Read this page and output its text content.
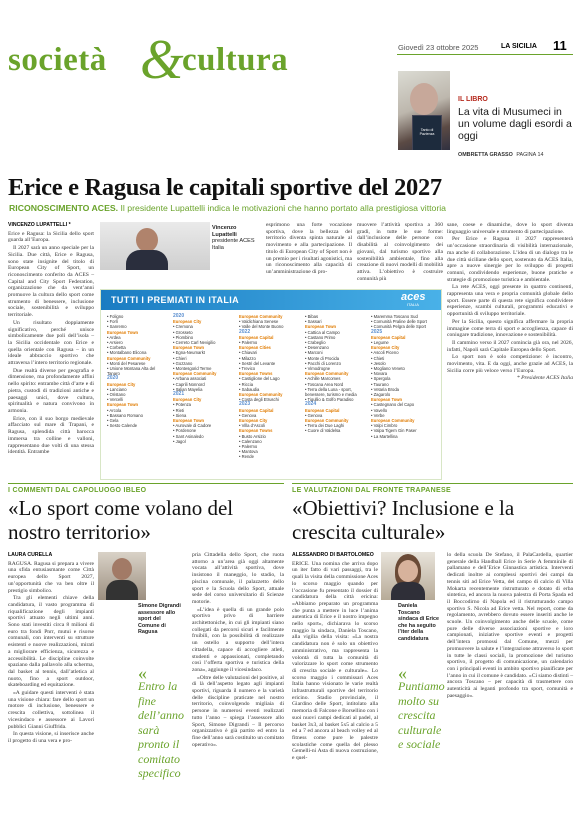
società &
cultura	Giovedì 23 ottobre 2025	LA SICILIA 11
Tanto di Pazienza
IL LIBRO
La vita di Musumeci in un volume dagli esordi a oggi
OMBRETTA GRASSO PAGINA 14
Erice e Ragusa le capitali sportive del 2027
RICONOSCIMENTO ACES. Il presidente Lupattelli indica le motivazioni che hanno portato alla prestigiosa vittoria
VINCENZO LUPATTELLI *

Erice e Ragusa: la Sicilia dello sport guarda all’Europa.

Il 2027 sarà un anno speciale per la Sicilia. Due città, Erice e Ragusa, sono state insignite del titolo di European City of Sport, un riconoscimento conferito da ACES – Capital and City Sport Federation, organizzazione che da vent’anni promuove la cultura dello sport come strumento di benessere, inclusione sociale, sostenibilità e sviluppo territoriale.

Un risultato doppiamente significativo, perché unisce simbolicamente due poli dell’isola – la Sicilia occidentale con Erice e quella orientale con Ragusa – in un ideale abbraccio sportivo che attraversa l’intero territorio regionale.

Due realtà diverse per geografia e dimensione, ma profondamente affini nello spirito: entrambe città d’arte e di pietra, custodi di tradizioni antiche e paesaggi unici, dove cultura, spiritualità e natura convivono in armonia.

Erice, con il suo borgo medievale affacciato sul mare di Trapani, e Ragusa, splendida città barocca immersa tra colline e valloni, rappresentano due volti di una stessa identità. Entrambe

Vincenzo Lupattelli
presidente ACES Italia

esprimono una forte vocazione sportiva, dove la bellezza del territorio diventa spinta naturale al movimento e alla partecipazione. Il titolo di European City of Sport non è un premio per i risultati agonistici, ma un riconoscimento alla capacità di un’amministrazione di pro-

muovere l’attività sportiva a 360 gradi, in tutte le sue forme: dall’inclusione delle persone con disabilità al coinvolgimento dei giovani, dal turismo sportivo alla sostenibilità ambientale, fino alla creazione di nuovi modelli di mobilità attiva. L’obiettivo è costruire comunità più

TUTTI I PREMIATI IN ITALIA	aces
ITALIA
• Foligno
• Forlì
• Sanremo
European Town
• Ardea
• Arsiero
• Corbetta
• Montalbano Elicona
European Community
• Monti del Pesarese
• Unione Montana Alta del Tanaro
2020
European City
• Lanciano
• Oristano
• Vercelli
European Town
• Arcola
• Bassano Romano
• Gela
• Sesto Calende
2020
European City
• Cremona
• Grosseto
• Piombino
• Cerreto Carl Nevigilio
European Town
• Egna-Neumarkt
• Chieri
• Gozzano
• Montesgorid Terme
European Community
• Arbana associati
• Caprili Nonnord
• Italian Mayelia
2021
European City
• Potenza
• Rieti
• Siena
European Town
• Aurovale di Cadore
• Pordenone
• Sant Asinaledo
• Jagol
European Community
• Valdichiana Senese
• Valle del Monte Buono
2022
European Capital
• Palermo
European Cities
• Chiavari
• Milazzo
• Sestri del Levante
• Trevico
European Towns
• Castiglione del Lago
• Riccia
• Sabaudia
European Community
• Costa degli Etruschi
2023
European Capital
• Genova
European City
• Villa d’Ascoli
European Towns
• Busto Arsizio
• Calenzano
• Palermo
• Mantova
• Rende
• Bibas
• Sassari
European Town
• Cattica al Campo
• Castano Primo
• Crabeglio
• Desenzano
• Marconi
• Monte di Procida
• Pacchi di Lorenzo
• Vimodrogne
European Community
• Achille Marcomes
• Toscana Area Nord
• Terra della Luna - sport, benessere, turismo e media
• Tigullio & Golfo Paradiso
2024
European Capital
• Genova
European Community
• Terra dei Due Laghi
• Cuore di Valdelsa
• Maremma Toscano Sud
• Comunità Praline delle Sport
• Comunità Pelgra delle Sport
2025
European Capital
• Legume
European City
• Ascoli Piceno
• Chieti
• Jesolo
• Mogliano Veneto
• Novara
• Spergola
• Taurano
• Vetaria Broda
• Zagarolo
European Town
• Castegnano del Capo
• Vavello
• Verbe
European Community
• Valpi Cimbro
• Valpa Tigern Gin Paser
• La Martellina

sane, coese e dinamiche, dove lo sport diventa linguaggio universale e strumento di partecipazione.

Per Erice e Ragusa il 2027 rappresenterà un’occasione straordinaria di visibilità internazionale, ma anche di collaborazione. L’idea di un dialogo tra le due città siciliane dello sport, sostenuto da ACES Italia, apre a nuove sinergie per lo sviluppo di progetti comuni, condividendo esperienze, buone pratiche e strategie di promozione turistica e ambientale.

La rete ACES, oggi presente in quattro continenti, rappresenta una vera e propria comunità globale dello sport. Essere parte di questa rete significa condividere esperienze, scambi culturali, programmi educativi e opportunità di sviluppo territoriale.

Per la Sicilia, questo significa affermare la propria immagine come terra di sport e accoglienza, capace di coniugare tradizione, innovazione e sostenibilità.

Il cammino verso il 2027 comincia già ora, nel 2026, infatti, Napoli sarà Capitale Europea dello Sport.

Lo sport non è solo competizione: è incontro, movimento, vita. E da oggi, anche grazie ad ACES, la Sicilia corre più veloce verso l’Europa.

* Presidente ACES Italia

I COMMENTI DAL CAPOLUOGO IBLEO
«Lo sport come volano del nostro territorio»
LAURA CURELLA

RAGUSA. Ragusa si prepara a vivere una sfida entusiasmante come Città europea dello Sport 2027, un’opportunità che va ben oltre il prestigio simbolico.

Tra gli elementi chiave della candidatura, il vasto programma di riqualificazione degli impianti sportivi attuato negli ultimi anni. Sono stati investiti circa 8 milioni di euro tra fondi Pnrr, mutui e risorse comunali, con interventi su strutture esistenti e nuove realizzazioni, mirati a migliorare efficienza, sicurezza e accessibilità. Le discipline coinvolte spaziano dalla pallavolo alla scherma, dal basket al tennis, dall’atletica al nuoto, fino a sport outdoor, skateboarding ed equitazione.

«A guidare questi interventi è stata una visione chiara: fare dello sport un motore di inclusione, benessere e crescita collettiva, sottolinea il vicesindaco e assessore ai Lavori pubblici Gianni Giuffrida.

In questa visione, si inserisce anche il progetto di una vera e pro-

Simone Digrandi
assessore allo sport del Comune di Ragusa
«
Entro la fine dell’anno sarà pronto il comitato specifico

pria Cittadella dello Sport, che ruota attorno a un’area già oggi altamente vocata all’attività sportiva, dove insistono il maneggio, lo stadio, la piscina comunale, il palazzetto dello sport e la Scuola dello Sport, attuale sede del corso universitario di Scienze motorie.

«L’idea è quella di un grande polo sportivo privo di barriere architettoniche, in cui gli impianti siano collegati da percorsi sicuri e facilmente fruibili, con la possibilità di realizzare un ostello a supporto dell’intera cittadella, capace di accogliere atleti, studenti e appassionati, completando così l’offerta sportiva e turistica della zona», aggiunge il vicesindaco.

«Oltre delle valutazioni del positive, al di là dell’aspetto legato agli impianti sportivi, riguarda il numero e la varietà delle discipline praticate nel nostro territorio, coinvolgendo migliaia di persone in numerosi eventi realizzati tutto l’anno – spiega l’assessore allo Sport, Simone Digrandi – Il percorso organizzativo è già partito ed entro la fine dell’anno sarà costituito un comitato operativo».

LE VALUTAZIONI DAL FRONTE TRAPANESE
«Obiettivi? Inclusione e la crescita culturale»
ALESSANDRO DI BARTOLOMEO

ERICE. Una nomina che arriva dopo un iter fatto di vari passaggi, tra le quali la visita della commissione Aces lo scorso maggio quando per l’occasione fu presentato il dossier di candidatura della città ericina: «Abbiamo preparato un programma che punta a mettere in luce l’anima autentica di Erice e il nostro impegno nello sport», dichiarava lo scorso maggio la sindaca, Daniela Toscano, alla vigilia della visita: «La nostra candidatura non è solo un obiettivo amministrativo, ma rappresenta la volontà di tutta la comunità di valorizzare lo sport come strumento di crescita sociale e culturale». Lo scorso maggio i commissari Aces Italia hanno visionato le varie realtà infrastrutturali sportive del territorio ericino. Stadio provinciale, il Giardino delle Sport, intitolato alla memoria di Falcone e Borsellino con i suoi nuovi campi dedicati al padel, al basket 3x3, al basket 5x5 al calcio a 5 ed a 7 ed ancora al beach volley ed al fitness come pure le palestre scolastiche come quella del plesso Gemelli-ni Asta di nuova costruzione, e quel-

Daniela Toscano
sindaca di Erice che ha seguito l’iter della candidatura
«
Puntiamo molto su crescita culturale e sociale

lo della scuola De Stefano, il PalaCardella, quartier generale della Handball Erice in Serie A femminile di pallamano e dell’Erice Ginnastica artistica. Interventi dedicati inoltre ai complessi sportivi dei campi da tennis siti ad Erice Vetta, del campo di calcio di Villa Mokarta recentemente ristrutturato e dotato di erba sintetica, ed ancora la nuova palestra di Porta Spada ed il Boccodirno di Napola ed il ristrutturando campo sportivo S. Nicola ad Erice vetta. Nel report, come da regolamento, avrebbero dovuto essere inseriti anche le scuole. Un coinvolgimento anche delle scuole, come pure delle diverse associazioni sportive e loro campionati, iniziative sportive eventi e progetti dell’intera promossi dal Comune, mezzi per promuovere la salute e l’integrazione attraverso lo sport in tutte le classi sociali, la promozione del turismo sportivo, il progetto di comunicazione, un calendario con i principali eventi in ambito sportivo pianificate per l’anno in cui il comune è candidato. «Ci siamo distinti – ancora Toscano – per capacità di trasmettere con autenticità ai leganti profondo tra sport, comunità e paesaggio».
